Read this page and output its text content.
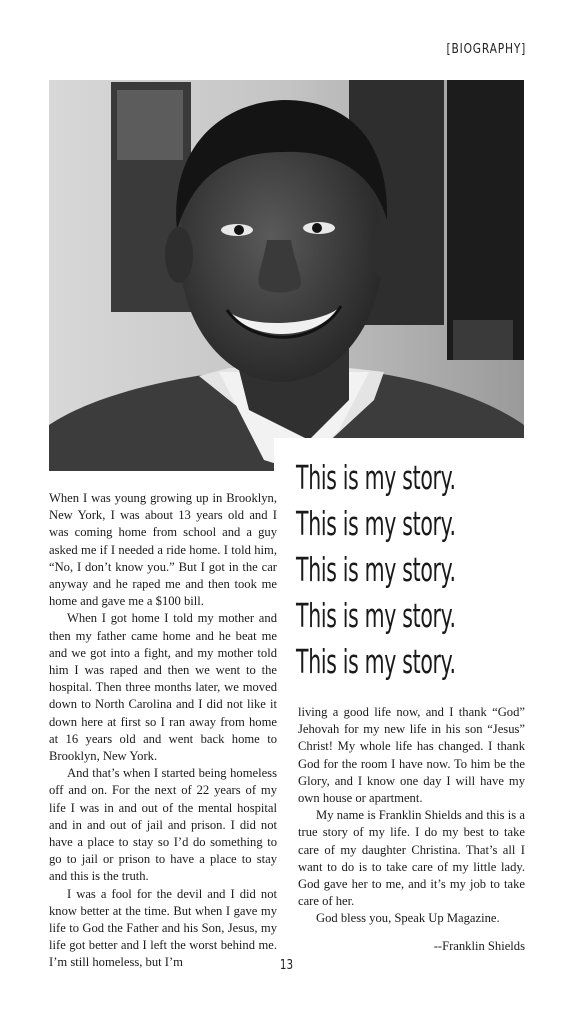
[BIOGRAPHY]
This is my story.
This is my story.
This is my story.
This is my story.
This is my story.

When I was young growing up in Brooklyn, New York, I was about 13 years old and I was coming home from school and a guy asked me if I needed a ride home. I told him, “No, I don’t know you.” But I got in the car anyway and he raped me and then took me home and gave me a $100 bill.

When I got home I told my mother and then my father came home and he beat me and we got into a fight, and my mother told him I was raped and then we went to the hospital. Then three months later, we moved down to North Carolina and I did not like it down here at first so I ran away from home at 16 years old and went back home to Brooklyn, New York.

And that’s when I started being homeless off and on. For the next of 22 years of my life I was in and out of the mental hospital and in and out of jail and prison. I did not have a place to stay so I’d do something to go to jail or prison to have a place to stay and this is the truth.

I was a fool for the devil and I did not know better at the time. But when I gave my life to God the Father and his Son, Jesus, my life got better and I left the worst behind me. I’m still homeless, but I’m

living a good life now, and I thank “God” Jehovah for my new life in his son “Jesus” Christ! My whole life has changed. I thank God for the room I have now. To him be the Glory, and I know one day I will have my own house or apartment.

My name is Franklin Shields and this is a true story of my life. I do my best to take care of my daughter Christina. That’s all I want to do is to take care of my little lady. God gave her to me, and it’s my job to take care of her.

God bless you, Speak Up Magazine.

--Franklin Shields

13
